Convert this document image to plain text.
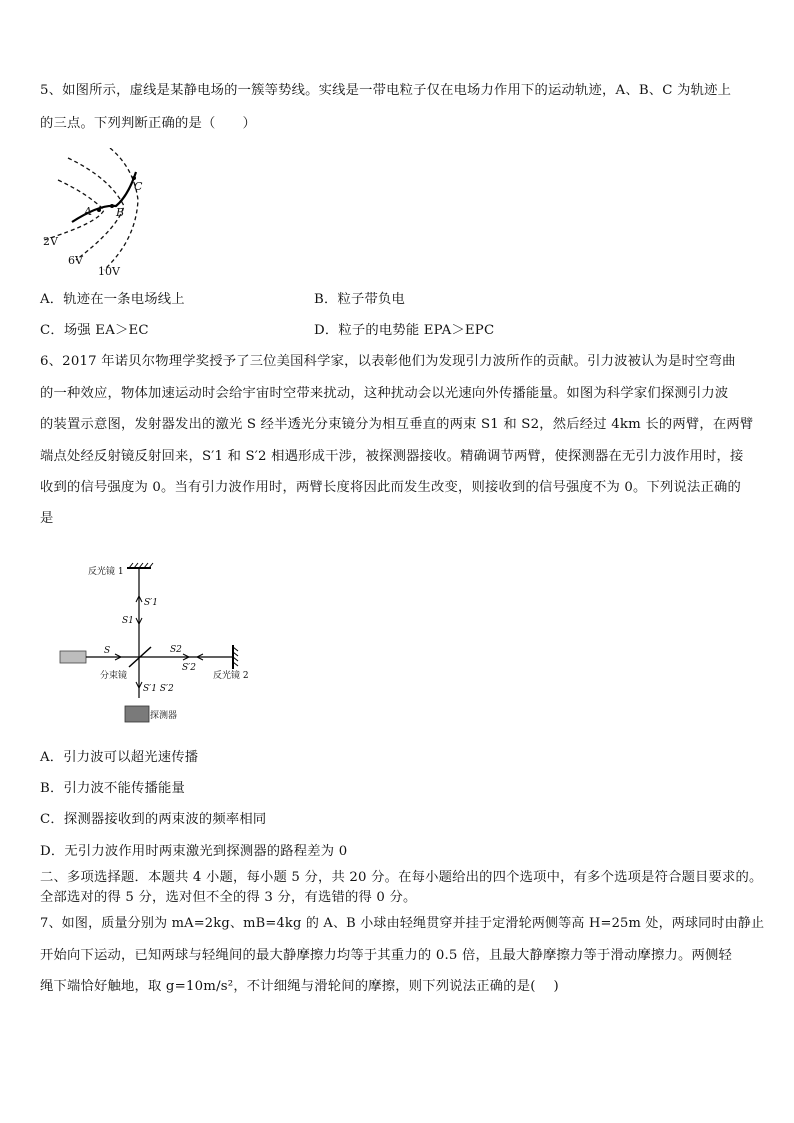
5、如图所示，虚线是某静电场的一簇等势线。实线是一带电粒子仅在电场力作用下的运动轨迹，A、B、C 为轨迹上
的三点。下列判断正确的是（　　）
A B
C
2V
6V
10V
A．轨迹在一条电场线上	B．粒子带负电
C．场强 EA＞EC	D．粒子的电势能 EPA＞EPC
6、2017 年诺贝尔物理学奖授予了三位美国科学家，以表彰他们为发现引力波所作的贡献。引力波被认为是时空弯曲
的一种效应，物体加速运动时会给宇宙时空带来扰动，这种扰动会以光速向外传播能量。如图为科学家们探测引力波
的装置示意图，发射器发出的激光 S 经半透光分束镜分为相互垂直的两束 S1 和 S2，然后经过 4km 长的两臂，在两臂
端点处经反射镜反射回来，S′1 和 S′2 相遇形成干涉，被探测器接收。精确调节两臂，使探测器在无引力波作用时，接
收到的信号强度为 0。当有引力波作用时，两臂长度将因此而发生改变，则接收到的信号强度不为 0。下列说法正确的
是
反光镜 1
S′1
S1
S	S2
S′2
反光镜 2
分束镜
S′1 S′2
探测器
A．引力波可以超光速传播
B．引力波不能传播能量
C．探测器接收到的两束波的频率相同
D．无引力波作用时两束激光到探测器的路程差为 0
二、多项选择题．本题共 4 小题，每小题 5 分，共 20 分。在每小题给出的四个选项中，有多个选项是符合题目要求的。
全部选对的得 5 分，选对但不全的得 3 分，有选错的得 0 分。
7、如图，质量分别为 mA=2kg、mB=4kg 的 A、B 小球由轻绳贯穿并挂于定滑轮两侧等高 H=25m 处，两球同时由静止
开始向下运动，已知两球与轻绳间的最大静摩擦力均等于其重力的 0.5 倍，且最大静摩擦力等于滑动摩擦力。两侧轻
绳下端恰好触地，取 g=10m/s²，不计细绳与滑轮间的摩擦，则下列说法正确的是(　 )
